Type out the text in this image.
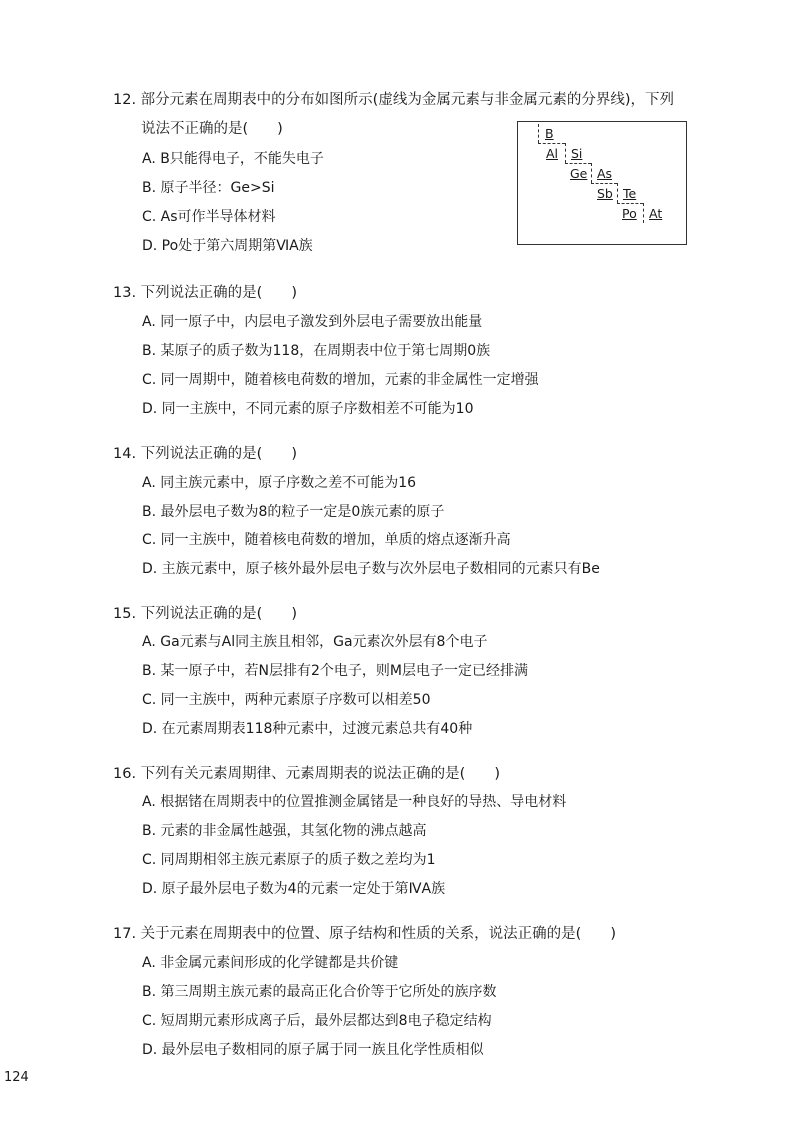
12. 部分元素在周期表中的分布如图所示(虚线为金属元素与非金属元素的分界线)，下列
说法不正确的是(　　)
A. B只能得电子，不能失电子
B. 原子半径：Ge>Si
C. As可作半导体材料
D. Po处于第六周期第ⅥA族
B
Al Si
Ge As
Sb Te
Po At
13. 下列说法正确的是(　　)
A. 同一原子中，内层电子激发到外层电子需要放出能量
B. 某原子的质子数为118，在周期表中位于第七周期0族
C. 同一周期中，随着核电荷数的增加，元素的非金属性一定增强
D. 同一主族中，不同元素的原子序数相差不可能为10
14. 下列说法正确的是(　　)
A. 同主族元素中，原子序数之差不可能为16
B. 最外层电子数为8的粒子一定是0族元素的原子
C. 同一主族中，随着核电荷数的增加，单质的熔点逐渐升高
D. 主族元素中，原子核外最外层电子数与次外层电子数相同的元素只有Be
15. 下列说法正确的是(　　)
A. Ga元素与Al同主族且相邻，Ga元素次外层有8个电子
B. 某一原子中，若N层排有2个电子，则M层电子一定已经排满
C. 同一主族中，两种元素原子序数可以相差50
D. 在元素周期表118种元素中，过渡元素总共有40种
16. 下列有关元素周期律、元素周期表的说法正确的是(　　)
A. 根据锗在周期表中的位置推测金属锗是一种良好的导热、导电材料
B. 元素的非金属性越强，其氢化物的沸点越高
C. 同周期相邻主族元素原子的质子数之差均为1
D. 原子最外层电子数为4的元素一定处于第ⅣA族
17. 关于元素在周期表中的位置、原子结构和性质的关系，说法正确的是(　　)
A. 非金属元素间形成的化学键都是共价键
B. 第三周期主族元素的最高正化合价等于它所处的族序数
C. 短周期元素形成离子后，最外层都达到8电子稳定结构
D. 最外层电子数相同的原子属于同一族且化学性质相似
124
